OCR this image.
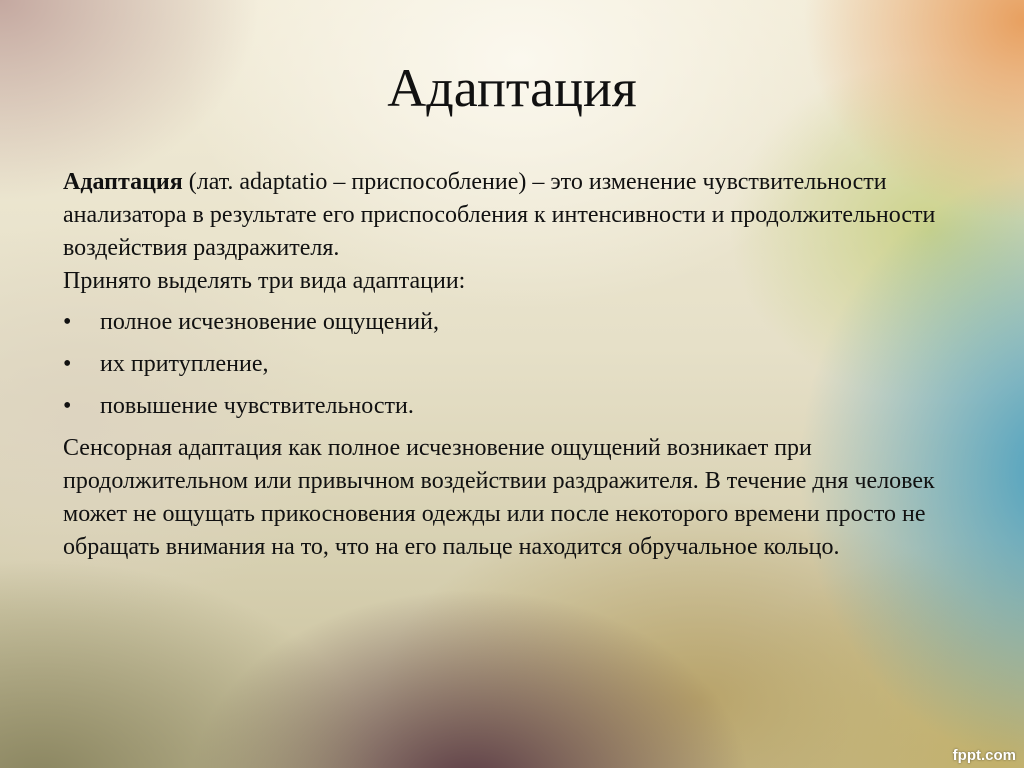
Адаптация

Адаптация (лат. adaptatio – приспособление) – это изменение чувствительности анализатора в результате его приспособления к интенсивности и продолжительности воздействия раздражителя.

Принято выделять три вида адаптации:

• полное исчезновение ощущений,
• их притупление,
• повышение чувствительности.

Сенсорная адаптация как полное исчезновение ощущений возникает при продолжительном или привычном воздействии раздражителя. В течение дня человек может не ощущать прикосновения одежды или после некоторого времени просто не обращать внимания на то, что на его пальце находится обручальное кольцо.

fppt.com
